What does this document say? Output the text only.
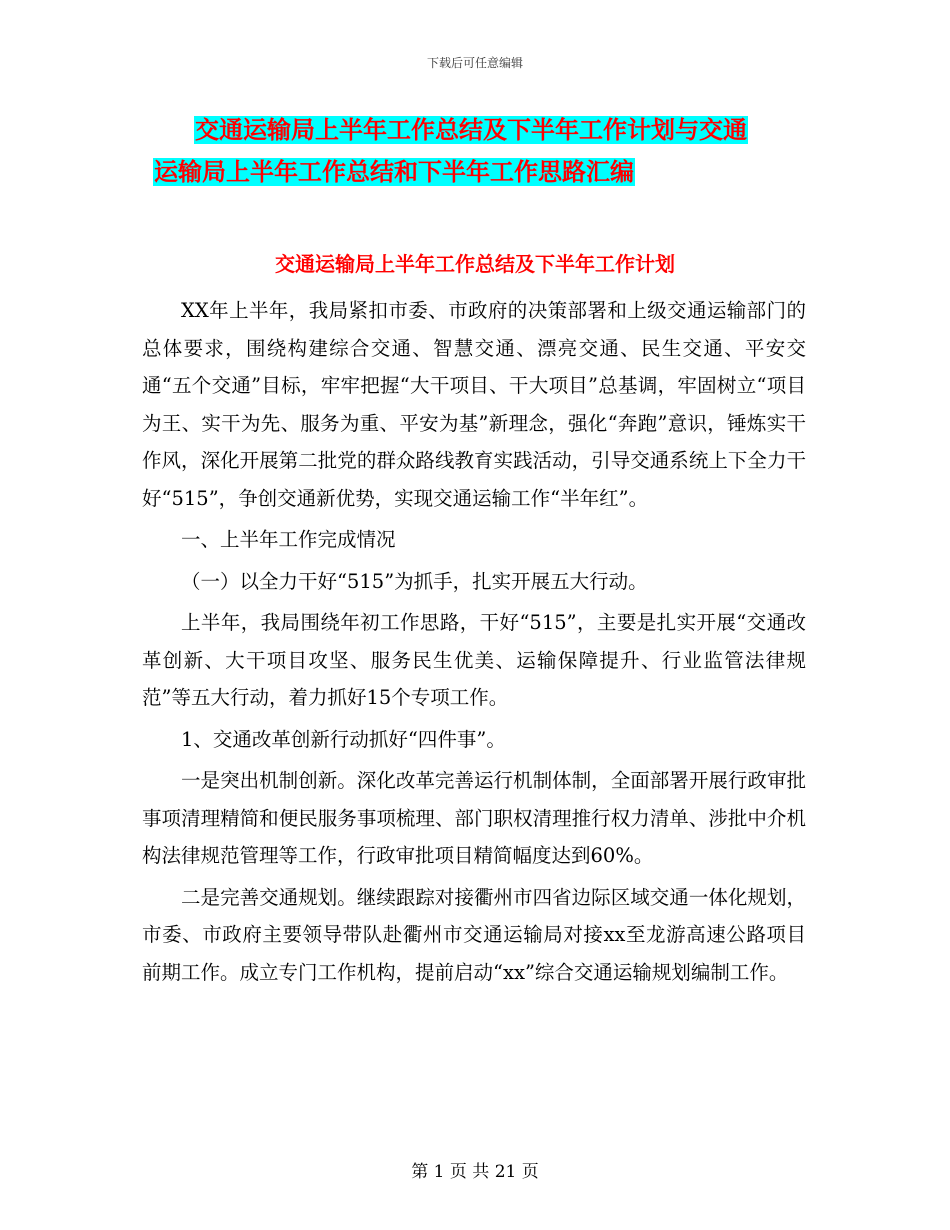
下载后可任意编辑
交通运输局上半年工作总结及下半年工作计划与交通
运输局上半年工作总结和下半年工作思路汇编
交通运输局上半年工作总结及下半年工作计划

XX年上半年，我局紧扣市委、市政府的决策部署和上级交通运输部门的总体要求，围绕构建综合交通、智慧交通、漂亮交通、民生交通、平安交通“五个交通”目标，牢牢把握“大干项目、干大项目”总基调，牢固树立“项目为王、实干为先、服务为重、平安为基”新理念，强化“奔跑”意识，锤炼实干作风，深化开展第二批党的群众路线教育实践活动，引导交通系统上下全力干好“515”，争创交通新优势，实现交通运输工作“半年红”。

一、上半年工作完成情况

（一）以全力干好“515”为抓手，扎实开展五大行动。

上半年，我局围绕年初工作思路，干好“515”，主要是扎实开展“交通改革创新、大干项目攻坚、服务民生优美、运输保障提升、行业监管法律规范”等五大行动，着力抓好15个专项工作。

1、交通改革创新行动抓好“四件事”。

一是突出机制创新。深化改革完善运行机制体制，全面部署开展行政审批事项清理精简和便民服务事项梳理、部门职权清理推行权力清单、涉批中介机构法律规范管理等工作，行政审批项目精简幅度达到60%。

二是完善交通规划。继续跟踪对接衢州市四省边际区域交通一体化规划，市委、市政府主要领导带队赴衢州市交通运输局对接xx至龙游高速公路项目前期工作。成立专门工作机构，提前启动“xx”综合交通运输规划编制工作。

第 1 页 共 21 页
